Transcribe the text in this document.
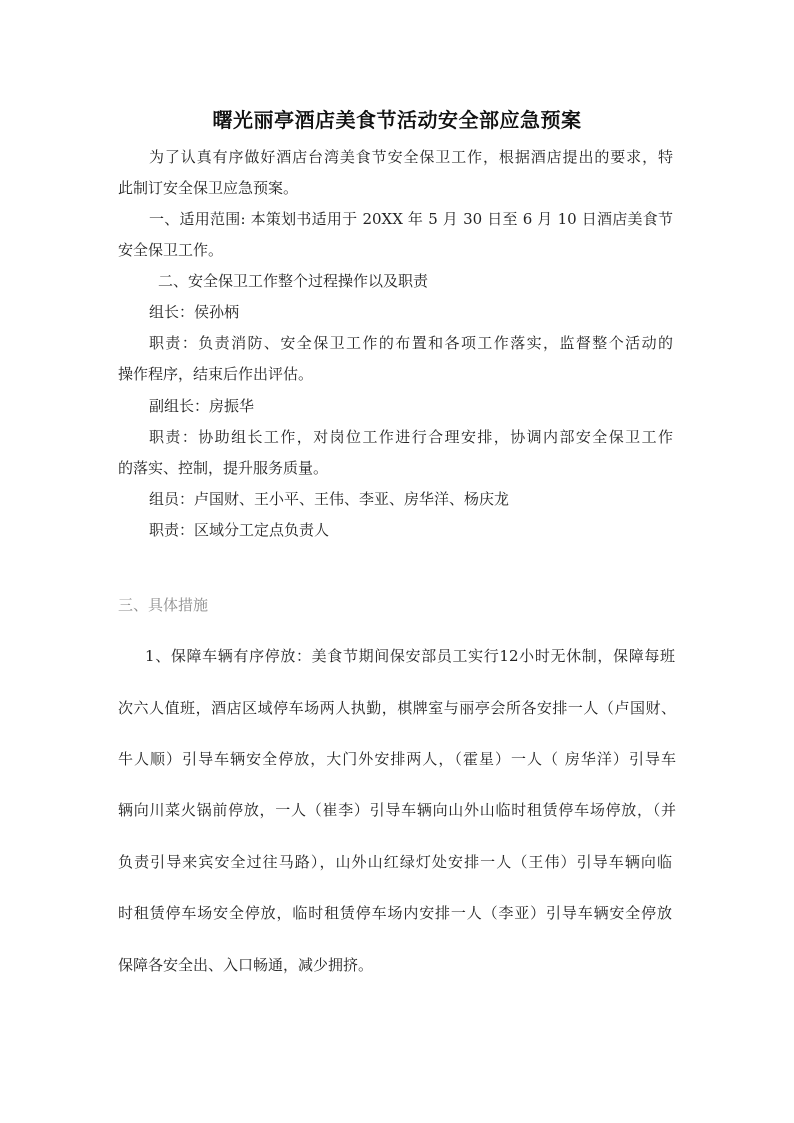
曙光丽亭酒店美食节活动安全部应急预案
为了认真有序做好酒店台湾美食节安全保卫工作，根据酒店提出的要求，特
此制订安全保卫应急预案。
一、适用范围: 本策划书适用于 20XX 年 5 月 30 日至 6 月 10 日酒店美食节
安全保卫工作。
二、安全保卫工作整个过程操作以及职责
组长：侯孙柄
职责：负责消防、安全保卫工作的布置和各项工作落实，监督整个活动的
操作程序，结束后作出评估。
副组长：房振华
职责：协助组长工作，对岗位工作进行合理安排，协调内部安全保卫工作
的落实、控制，提升服务质量。
组员：卢国财、王小平、王伟、李亚、房华洋、杨庆龙
职责：区域分工定点负责人
三、具体措施
1、保障车辆有序停放：美食节期间保安部员工实行12小时无休制，保障每班
次六人值班，酒店区域停车场两人执勤，棋牌室与丽亭会所各安排一人（卢国财、
牛人顺）引导车辆安全停放，大门外安排两人，（霍星）一人（ 房华洋）引导车
辆向川菜火锅前停放，一人（崔李）引导车辆向山外山临时租赁停车场停放，（并
负责引导来宾安全过往马路），山外山红绿灯处安排一人（王伟）引导车辆向临
时租赁停车场安全停放，临时租赁停车场内安排一人（李亚）引导车辆安全停放
保障各安全出、入口畅通，减少拥挤。
